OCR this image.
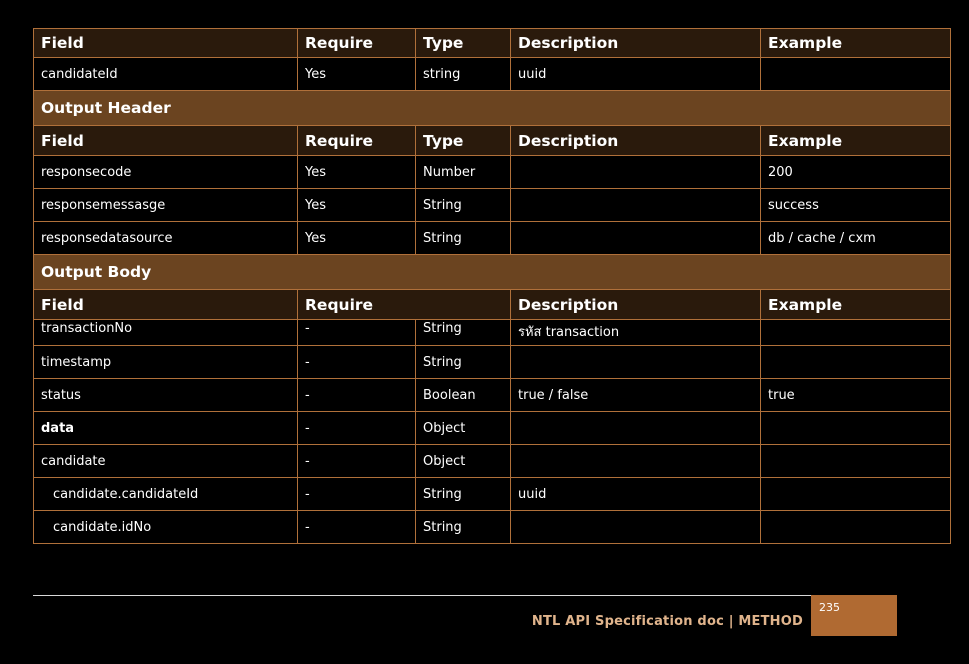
Field	Require	Type	Description	Example
candidateId	Yes	string	uuid	
Output Header				
Field	Require	Type	Description	Example
responsecode	Yes	Number		200
responsemessasge	Yes	String		success
responsedatasource	Yes	String		db / cache / cxm
Output Body				
Field	Require		Description	Example
transactionNo	-	String	รหัส transaction	
timestamp	-	String		
status	-	Boolean	true / false	true
data	-	Object		
candidate	-	Object		
candidate.candidateId	-	String	uuid	
candidate.idNo	-	String		
NTL API Specification doc | METHOD
235
